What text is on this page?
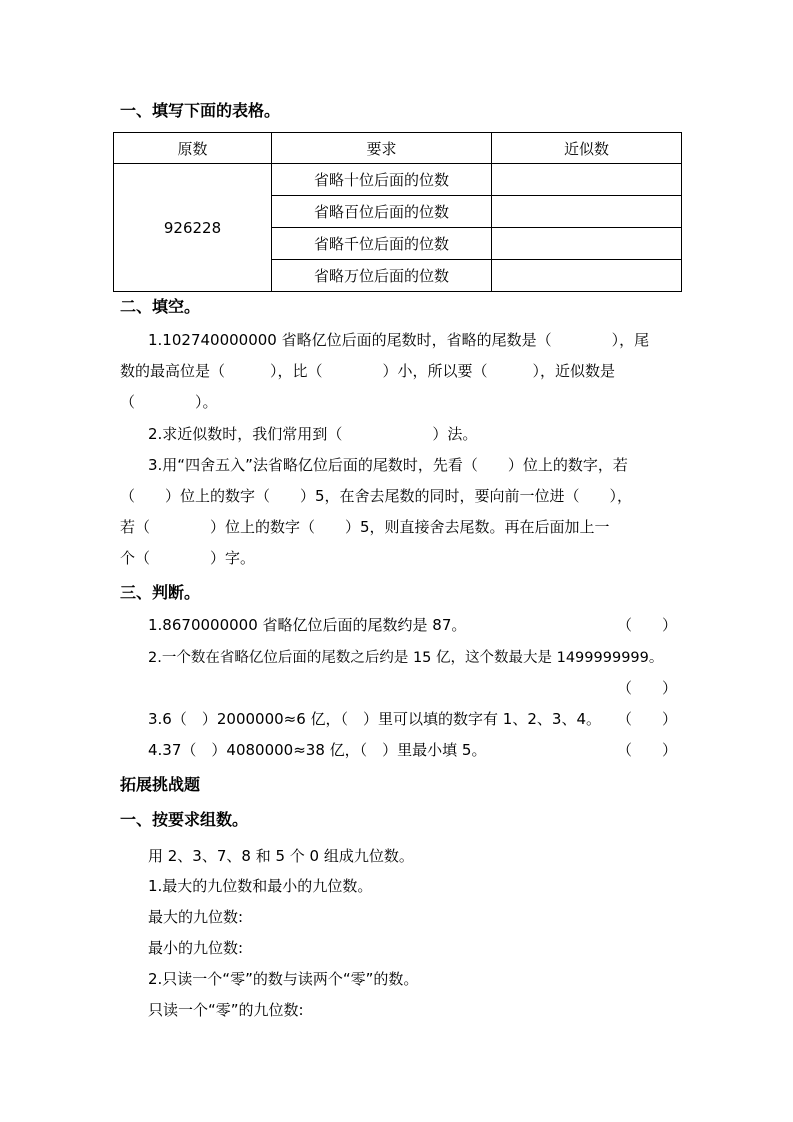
一、填写下面的表格。
原数	要求	近似数
926228	省略十位后面的位数	
	省略百位后面的位数	
	省略千位后面的位数	
	省略万位后面的位数	
二、填空。
1.102740000000 省略亿位后面的尾数时，省略的尾数是（　　　　），尾
数的最高位是（　　　），比（　　　　）小，所以要（　　　），近似数是
（　　　　）。
2.求近似数时，我们常用到（　　　　　　）法。
3.用“四舍五入”法省略亿位后面的尾数时，先看（　　）位上的数字，若
（　　）位上的数字（　　）5，在舍去尾数的同时，要向前一位进（　　），
若（　　　　）位上的数字（　　）5，则直接舍去尾数。再在后面加上一
个（　　　　）字。
三、判断。
1.8670000000 省略亿位后面的尾数约是 87。	（　　）
2.一个数在省略亿位后面的尾数之后约是 15 亿，这个数最大是 1499999999。
（　　）
3.6（　）2000000≈6 亿，（　）里可以填的数字有 1、2、3、4。 （　　）
4.37（　）4080000≈38 亿，（　）里最小填 5。	（　　）
拓展挑战题
一、按要求组数。
用 2、3、7、8 和 5 个 0 组成九位数。
1.最大的九位数和最小的九位数。
最大的九位数:
最小的九位数:
2.只读一个“零”的数与读两个“零”的数。
只读一个“零”的九位数:
